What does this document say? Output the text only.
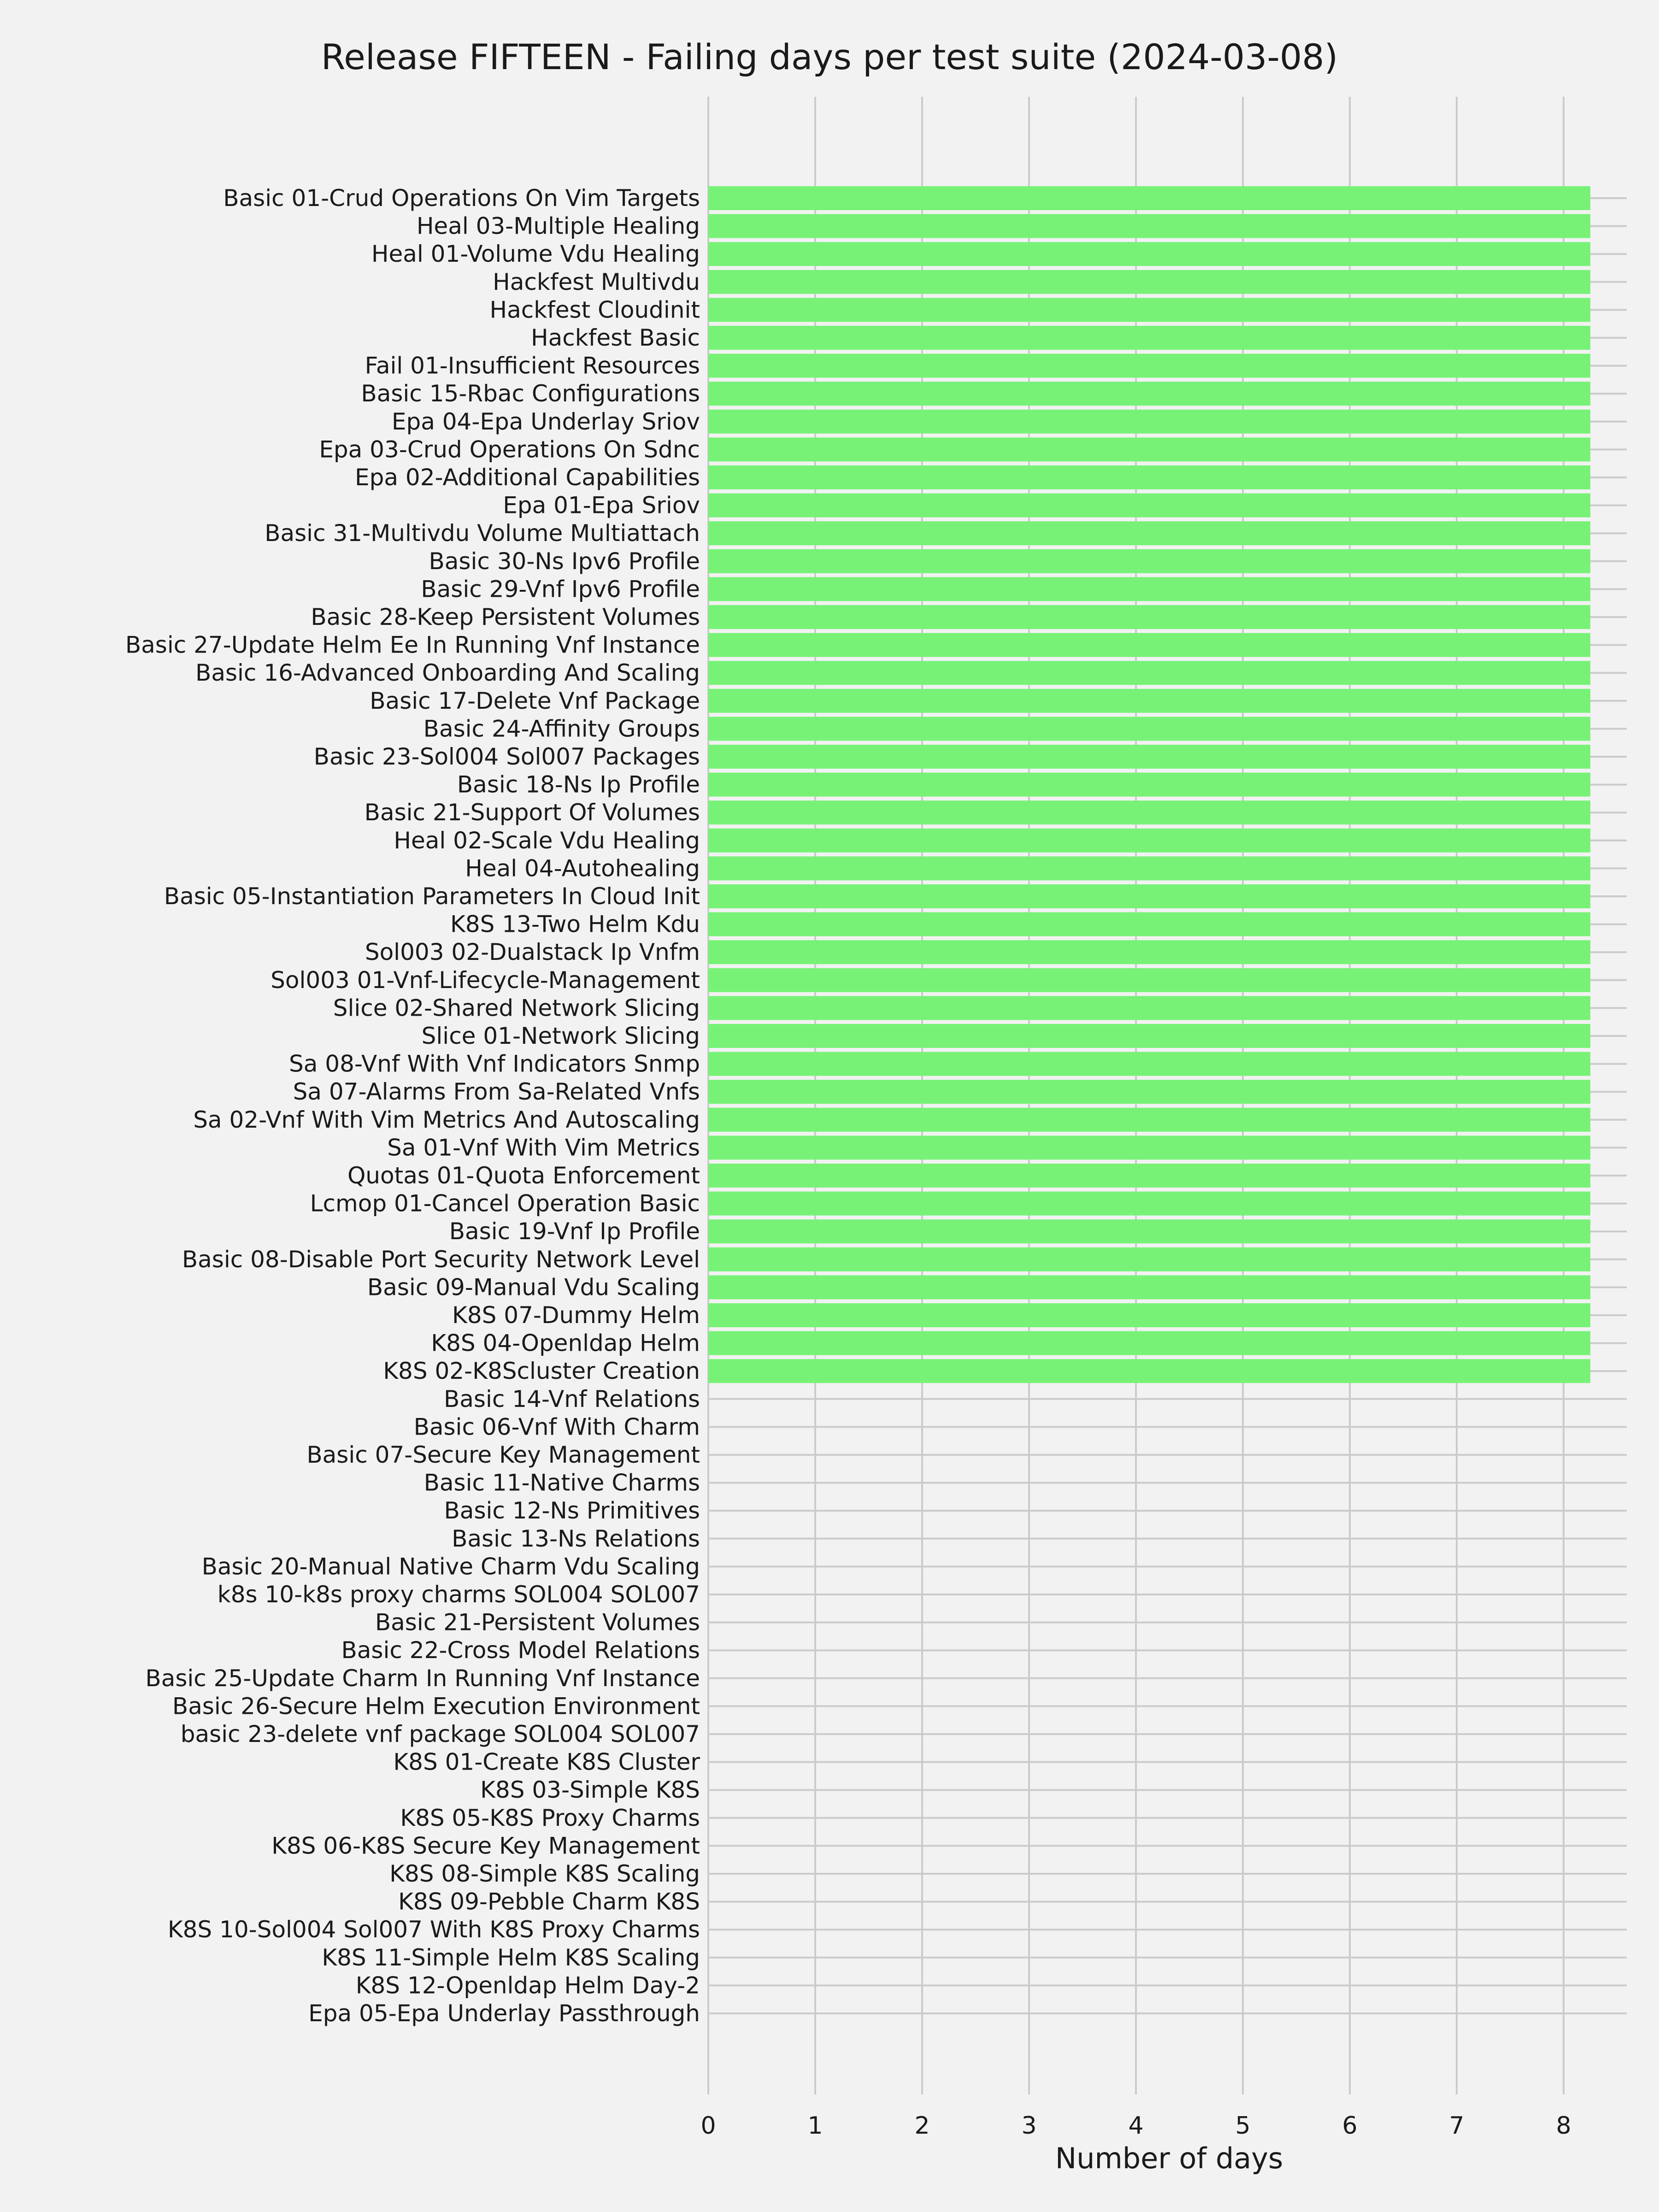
Release FIFTEEN - Failing days per test suite (2024-03-08)
Basic 01-Crud Operations On Vim Targets
Heal 03-Multiple Healing
Heal 01-Volume Vdu Healing
Hackfest Multivdu
Hackfest Cloudinit
Hackfest Basic
Fail 01-Insufficient Resources
Basic 15-Rbac Configurations
Epa 04-Epa Underlay Sriov
Epa 03-Crud Operations On Sdnc
Epa 02-Additional Capabilities
Epa 01-Epa Sriov
Basic 31-Multivdu Volume Multiattach
Basic 30-Ns Ipv6 Profile
Basic 29-Vnf Ipv6 Profile
Basic 28-Keep Persistent Volumes
Basic 27-Update Helm Ee In Running Vnf Instance
Basic 16-Advanced Onboarding And Scaling
Basic 17-Delete Vnf Package
Basic 24-Affinity Groups
Basic 23-Sol004 Sol007 Packages
Basic 18-Ns Ip Profile
Basic 21-Support Of Volumes
Heal 02-Scale Vdu Healing
Heal 04-Autohealing
Basic 05-Instantiation Parameters In Cloud Init
K8S 13-Two Helm Kdu
Sol003 02-Dualstack Ip Vnfm
Sol003 01-Vnf-Lifecycle-Management
Slice 02-Shared Network Slicing
Slice 01-Network Slicing
Sa 08-Vnf With Vnf Indicators Snmp
Sa 07-Alarms From Sa-Related Vnfs
Sa 02-Vnf With Vim Metrics And Autoscaling
Sa 01-Vnf With Vim Metrics
Quotas 01-Quota Enforcement
Lcmop 01-Cancel Operation Basic
Basic 19-Vnf Ip Profile
Basic 08-Disable Port Security Network Level
Basic 09-Manual Vdu Scaling
K8S 07-Dummy Helm
K8S 04-Openldap Helm
K8S 02-K8Scluster Creation
Basic 14-Vnf Relations
Basic 06-Vnf With Charm
Basic 07-Secure Key Management
Basic 11-Native Charms
Basic 12-Ns Primitives
Basic 13-Ns Relations
Basic 20-Manual Native Charm Vdu Scaling
k8s 10-k8s proxy charms SOL004 SOL007
Basic 21-Persistent Volumes
Basic 22-Cross Model Relations
Basic 25-Update Charm In Running Vnf Instance
Basic 26-Secure Helm Execution Environment
basic 23-delete vnf package SOL004 SOL007
K8S 01-Create K8S Cluster
K8S 03-Simple K8S
K8S 05-K8S Proxy Charms
K8S 06-K8S Secure Key Management
K8S 08-Simple K8S Scaling
K8S 09-Pebble Charm K8S
K8S 10-Sol004 Sol007 With K8S Proxy Charms
K8S 11-Simple Helm K8S Scaling
K8S 12-Openldap Helm Day-2
Epa 05-Epa Underlay Passthrough
0	1	2	3	4	5	6	7	8
Number of days
